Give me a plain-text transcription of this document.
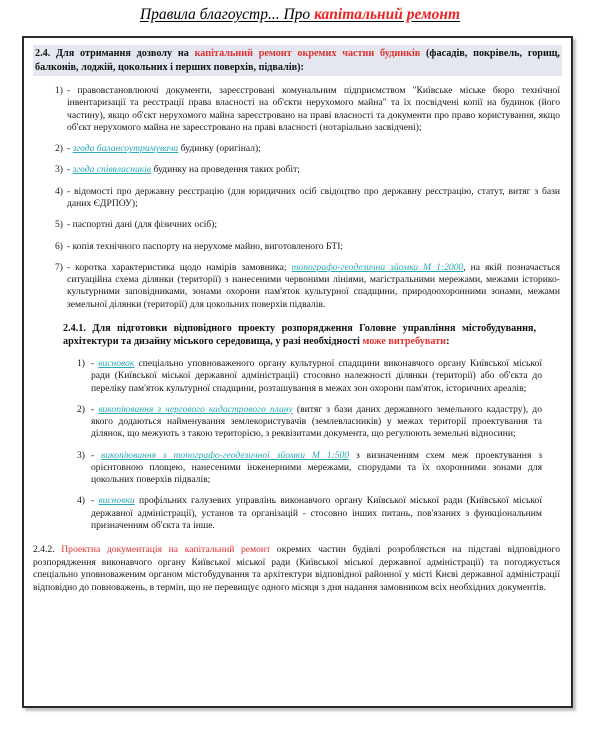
Правила благоустр... Про капітальний ремонт
2.4. Для отримання дозволу на капітальний ремонт окремих частин будинків (фасадів, покрівель, горищ, балконів, лоджій, цокольних і перших поверхів, підвалів):
1) - правовстановлюючі документи, зареєстровані комунальним підприємством "Київське міське бюро технічної інвентаризації та реєстрації права власності на об'єкти нерухомого майна" та їх посвідчені копії на будинок (його частину), якщо об'єкт нерухомого майна зареєстровано на праві власності та документи про право користування, якщо об'єкт нерухомого майна не зареєстровано на праві власності (нотаріально засвідчені);
2) - згода балансоутримувача будинку (оригінал);
3) - згода співвласників будинку на проведення таких робіт;
4) - відомості про державну реєстрацію (для юридичних осіб свідоцтво про державну реєстрацію, статут, витяг з бази даних ЄДРПОУ);
5) - паспортні дані (для фізичних осіб);
6) - копія технічного паспорту на нерухоме майно, виготовленого БТІ;
7) - коротка характеристика щодо намірів замовника; топографо-геодезична зйомка М 1:2000, на якій позначається ситуаційна схема ділянки (території) з нанесеними червоними лініями, магістральними мережами, межами історико-культурними заповідниками, зонами охорони пам'яток культурної спадщини, природоохоронними зонами, межами земельної ділянки (території) для цокольних поверхів підвалів.
2.4.1. Для підготовки відповідного проекту розпорядження Головне управління містобудування, архітектури та дизайну міського середовища, у разі необхідності може витребувати:
1) - висновок спеціально уповноваженого органу культурної спадщини виконавчого органу Київської міської ради (Київської міської державної адміністрації) стосовно належності ділянки (території) або об'єкта до переліку пам'яток культурної спадщини, розташування в межах зон охорони пам'яток, історичних ареалів;
2) - викопіювання з чергового кадастрового плану (витяг з бази даних державного земельного кадастру), до якого додаються найменування землекористувачів (землевласників) у межах території проектування та ділянок, що межують з такою територією, з реквізитами документа, що регулюють земельні відносини;
3) - викопіювання з топографо-геодезичної зйомки М 1:500 з визначенням схем меж проектування з орієнтовною площею, нанесеними інженерними мережами, спорудами та їх охоронними зонами для цокольних поверхів підвалів;
4) - висновки профільних галузевих управлінь виконавчого органу Київської міської ради (Київської міської державної адміністрації), установ та організацій - стосовно інших питань, пов'язаних з функціональним призначенням об'єкта та інше.
2.4.2. Проектна документація на капітальний ремонт окремих частин будівлі розробляється на підставі відповідного розпорядження виконавчого органу Київської міської ради (Київської міської державної адміністрації) та погоджується спеціально уповноваженим органом містобудування та архітектури відповідної районної у місті Києві державної адміністрації відповідно до повноважень, в термін, що не перевищує одного місяця з дня надання замовником всіх необхідних документів.
